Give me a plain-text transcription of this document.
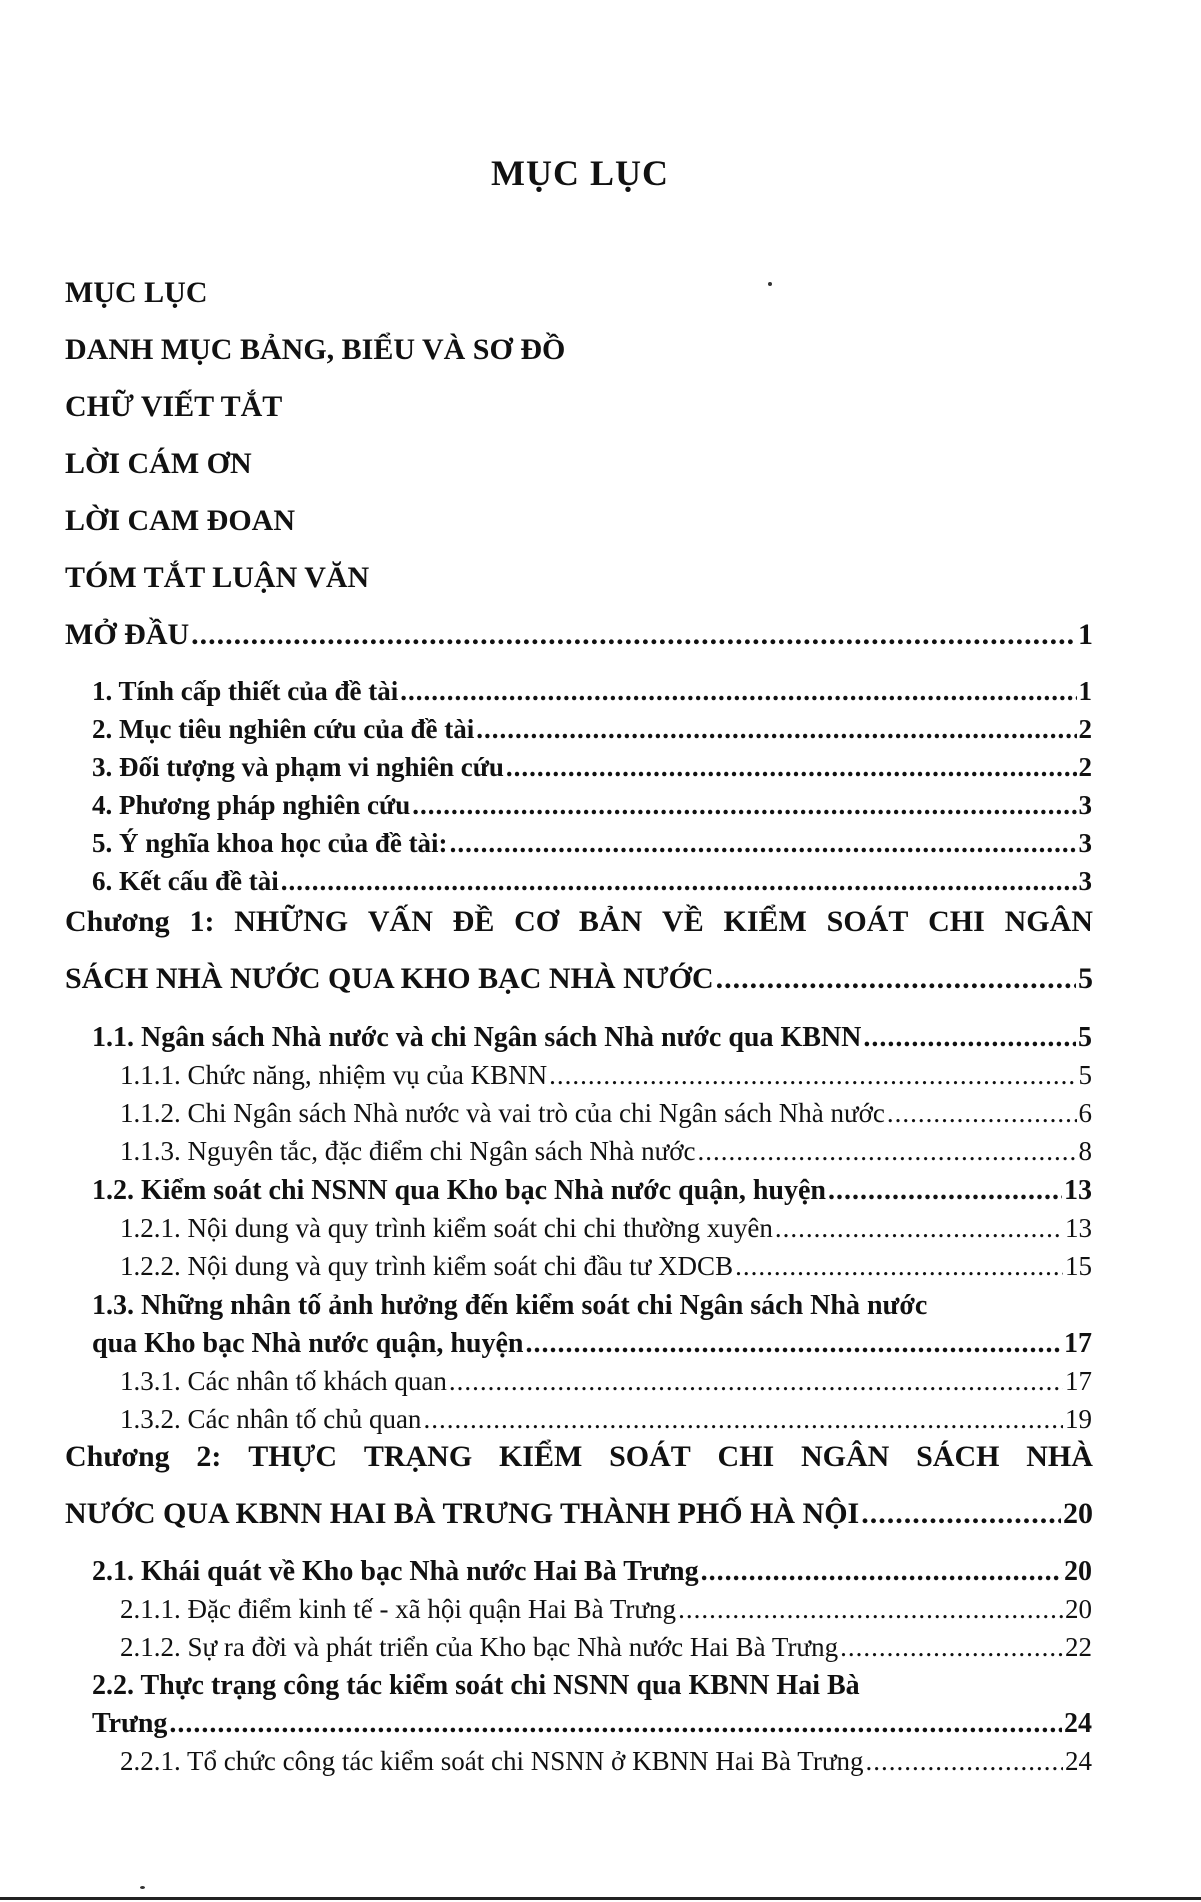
MỤC LỤC
MỤC LỤC
DANH MỤC BẢNG, BIỂU VÀ SƠ ĐỒ
CHỮ VIẾT TẮT
LỜI CÁM ƠN
LỜI CAM ĐOAN
TÓM TẮT LUẬN VĂN
MỞ ĐẦU .....	1
1. Tính cấp thiết của đề tài .....	1
2. Mục tiêu nghiên cứu của đề tài .....	2
3. Đối tượng và phạm vi nghiên cứu .....	2
4. Phương pháp nghiên cứu .....	3
5. Ý nghĩa khoa học của đề tài: .....	3
6. Kết cấu đề tài .....	3
Chương 1: NHỮNG VẤN ĐỀ CƠ BẢN VỀ KIỂM SOÁT CHI NGÂN
SÁCH NHÀ NƯỚC QUA KHO BẠC NHÀ NƯỚC .....	5
1.1. Ngân sách Nhà nước và chi Ngân sách Nhà nước qua KBNN .....	5
1.1.1. Chức năng, nhiệm vụ của KBNN .....	5
1.1.2. Chi Ngân sách Nhà nước và vai trò của chi Ngân sách Nhà nước .....	6
1.1.3. Nguyên tắc, đặc điểm chi Ngân sách Nhà nước .....	8
1.2. Kiểm soát chi NSNN qua Kho bạc Nhà nước quận, huyện .....	13
1.2.1. Nội dung và quy trình kiểm soát chi chi thường xuyên .....	13
1.2.2. Nội dung và quy trình kiểm soát chi đầu tư XDCB .....	15
1.3. Những nhân tố ảnh hưởng đến kiểm soát chi Ngân sách Nhà nước
qua Kho bạc Nhà nước quận, huyện .....	17
1.3.1. Các nhân tố khách quan .....	17
1.3.2. Các nhân tố chủ quan .....	19
Chương 2: THỰC TRẠNG KIỂM SOÁT CHI NGÂN SÁCH NHÀ
NƯỚC QUA KBNN HAI BÀ TRƯNG THÀNH PHỐ HÀ NỘI .....	20
2.1. Khái quát về Kho bạc Nhà nước Hai Bà Trưng .....	20
2.1.1. Đặc điểm kinh tế - xã hội quận Hai Bà Trưng .....	20
2.1.2. Sự ra đời và phát triển của Kho bạc Nhà nước Hai Bà Trưng .....	22
2.2. Thực trạng công tác kiểm soát chi NSNN qua KBNN Hai Bà
Trưng .....	24
2.2.1. Tổ chức công tác kiểm soát chi NSNN ở KBNN Hai Bà Trưng .....	24
